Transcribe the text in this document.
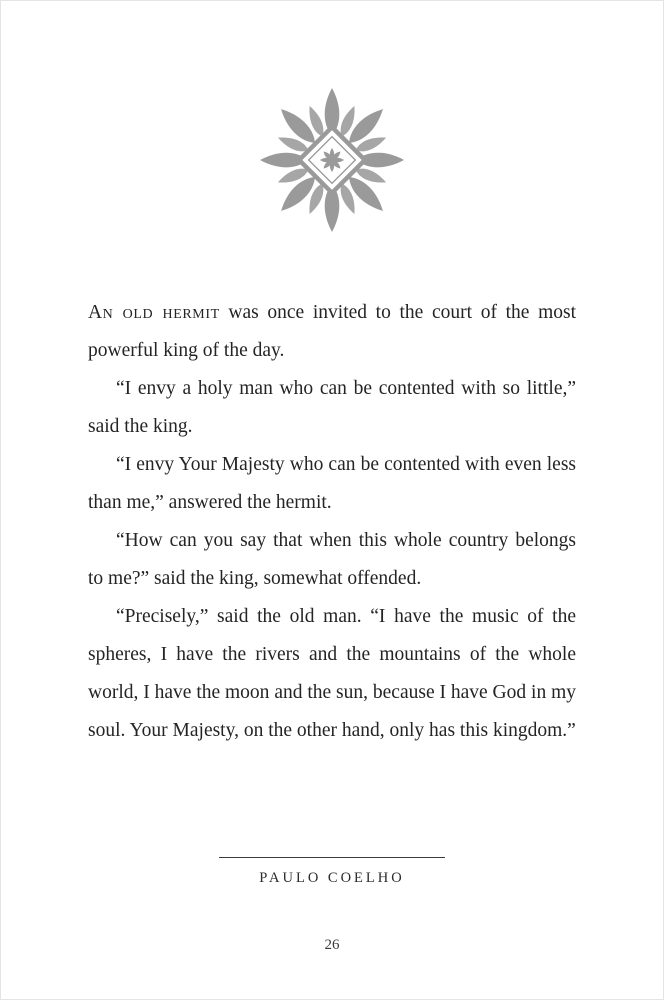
An old hermit was once invited to the court of the most powerful king of the day.

“I envy a holy man who can be contented with so little,” said the king.

“I envy Your Majesty who can be contented with even less than me,” answered the hermit.

“How can you say that when this whole country belongs to me?” said the king, somewhat offended.

“Precisely,” said the old man. “I have the music of the spheres, I have the rivers and the mountains of the whole world, I have the moon and the sun, because I have God in my soul. Your Majesty, on the other hand, only has this kingdom.”

PAULO COELHO
26
